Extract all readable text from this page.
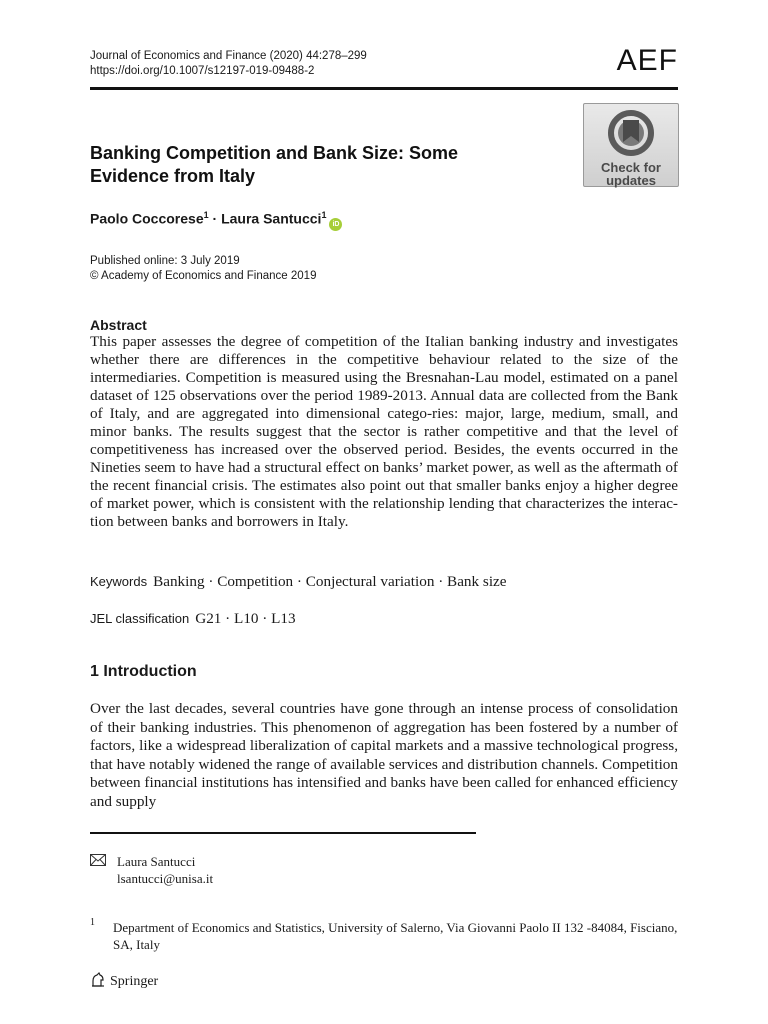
Journal of Economics and Finance (2020) 44:278–299
https://doi.org/10.1007/s12197-019-09488-2	AEF
Check for
updates
Banking Competition and Bank Size: Some
Evidence from Italy
Paolo Coccorese$^1$ · Laura Santucci$^1$iD
Published online: 3 July 2019
© Academy of Economics and Finance 2019
Abstract
This paper assesses the degree of competition of the Italian banking industry and investigates whether there are differences in the competitive behaviour related to the size of the intermediaries. Competition is measured using the Bresnahan-Lau model, estimated on a panel dataset of 125 observations over the period 1989-2013. Annual data are collected from the Bank of Italy, and are aggregated into dimensional catego-ries: major, large, medium, small, and minor banks. The results suggest that the sector is rather competitive and that the level of competitiveness has increased over the observed period. Besides, the events occurred in the Nineties seem to have had a structural effect on banks’ market power, as well as the aftermath of the recent financial crisis. The estimates also point out that smaller banks enjoy a higher degree of market power, which is consistent with the relationship lending that characterizes the interac-tion between banks and borrowers in Italy.
Keywords Banking · Competition · Conjectural variation · Bank size
JEL classification G21 · L10 · L13
1 Introduction
Over the last decades, several countries have gone through an intense process of consolidation of their banking industries. This phenomenon of aggregation has been fostered by a number of factors, like a widespread liberalization of capital markets and a massive technological progress, that have notably widened the range of available services and distribution channels. Competition between financial institutions has intensified and banks have been called for enhanced efficiency and supply
Laura Santucci
lsantucci@unisa.it
1 Department of Economics and Statistics, University of Salerno, Via Giovanni Paolo II 132 -84084, Fisciano, SA, Italy
Springer
